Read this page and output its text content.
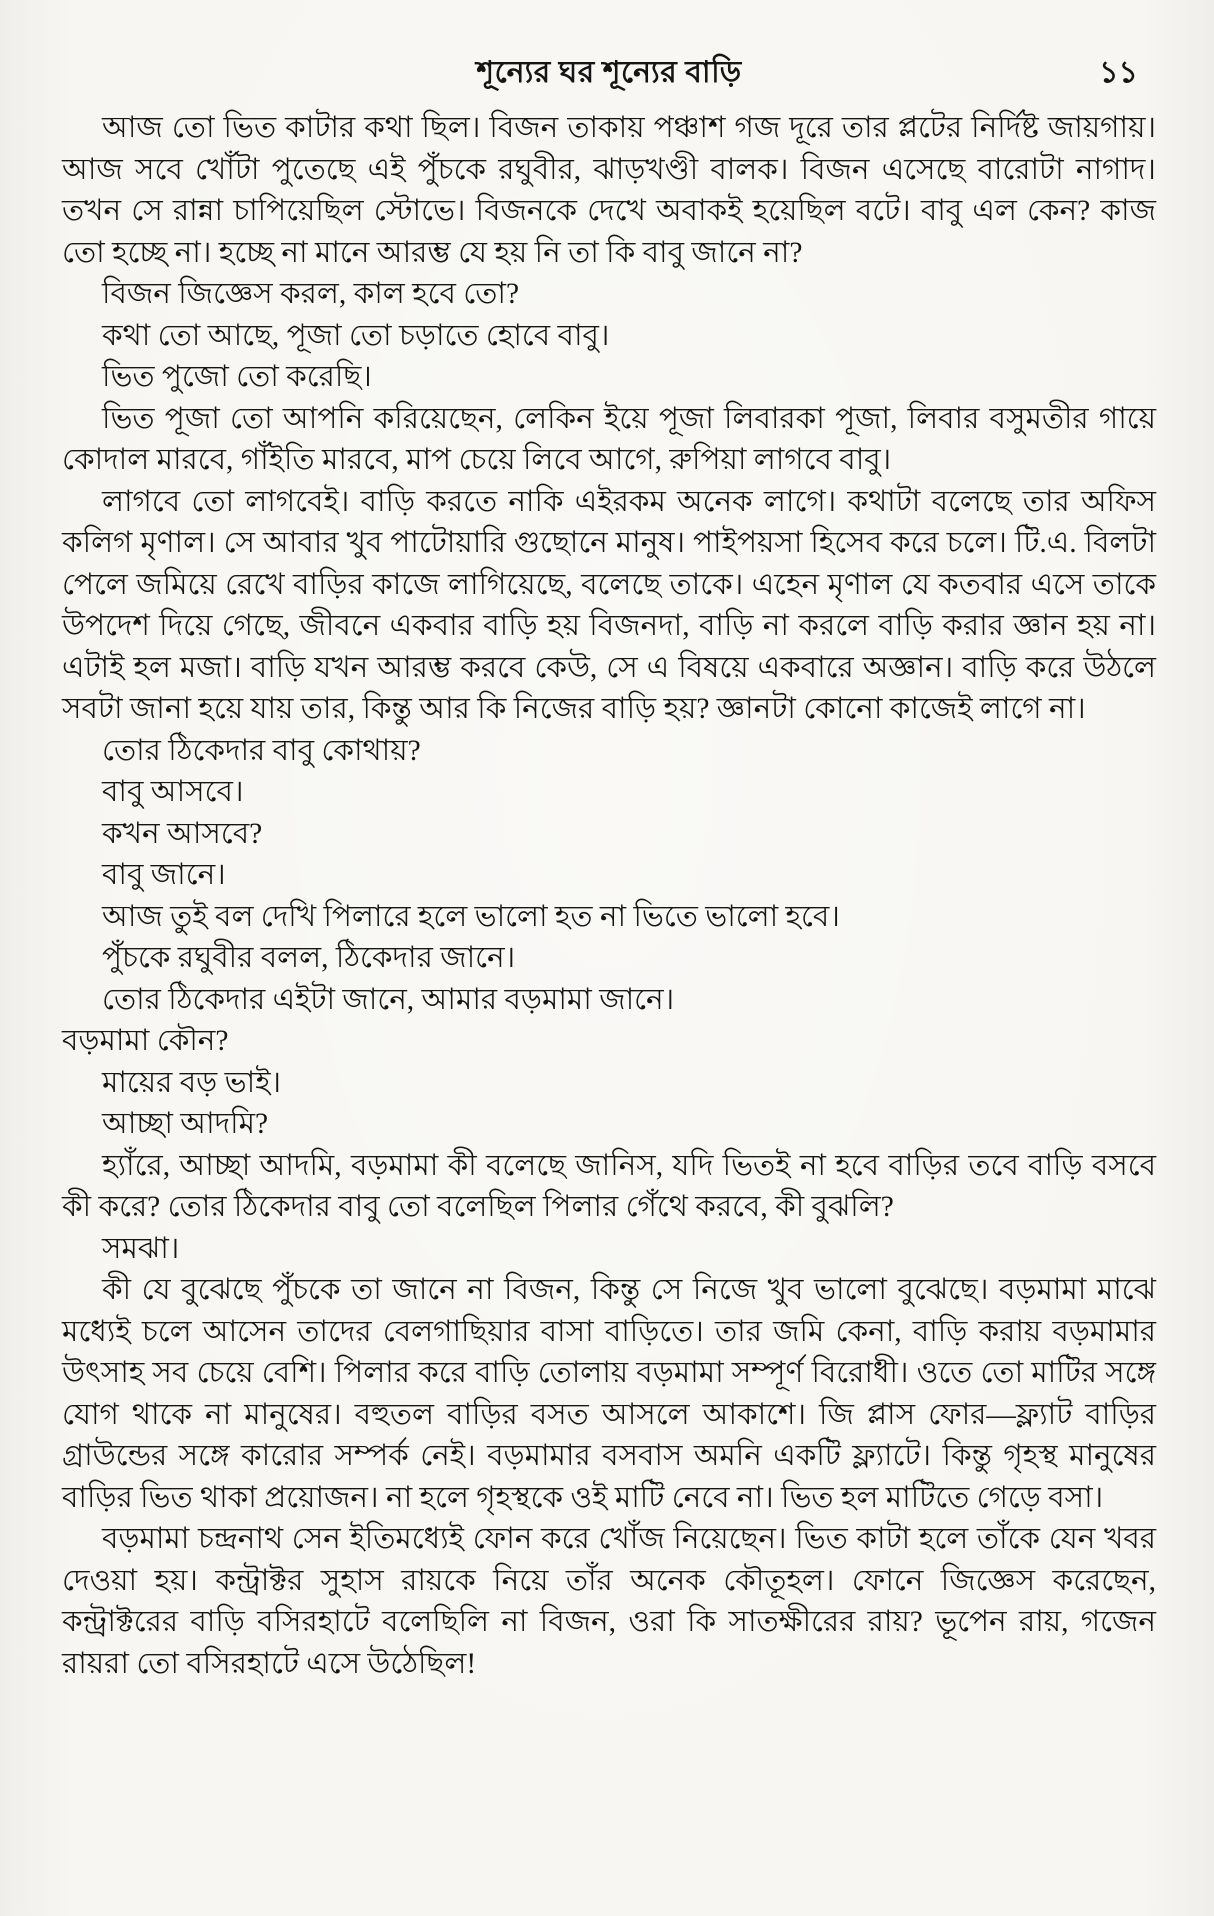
শূন্যের ঘর শূন্যের বাড়ি	১১

আজ তো ভিত কাটার কথা ছিল। বিজন তাকায় পঞ্চাশ গজ দূরে তার প্লটের নির্দিষ্ট জায়গায়। আজ সবে খোঁটা পুতেছে এই পুঁচকে রঘুবীর, ঝাড়খণ্ডী বালক। বিজন এসেছে বারোটা নাগাদ। তখন সে রান্না চাপিয়েছিল স্টোভে। বিজনকে দেখে অবাকই হয়েছিল বটে। বাবু এল কেন? কাজ তো হচ্ছে না। হচ্ছে না মানে আরম্ভ যে হয় নি তা কি বাবু জানে না?

বিজন জিজ্ঞেস করল, কাল হবে তো?

কথা তো আছে, পূজা তো চড়াতে হোবে বাবু।

ভিত পুজো তো করেছি।

ভিত পূজা তো আপনি করিয়েছেন, লেকিন ইয়ে পূজা লিবারকা পূজা, লিবার বসুমতীর গায়ে কোদাল মারবে, গাঁইতি মারবে, মাপ চেয়ে লিবে আগে, রুপিয়া লাগবে বাবু।

লাগবে তো লাগবেই। বাড়ি করতে নাকি এইরকম অনেক লাগে। কথাটা বলেছে তার অফিস কলিগ মৃণাল। সে আবার খুব পাটোয়ারি গুছোনে মানুষ। পাইপয়সা হিসেব করে চলে। টি.এ. বিলটা পেলে জমিয়ে রেখে বাড়ির কাজে লাগিয়েছে, বলেছে তাকে। এহেন মৃণাল যে কতবার এসে তাকে উপদেশ দিয়ে গেছে, জীবনে একবার বাড়ি হয় বিজনদা, বাড়ি না করলে বাড়ি করার জ্ঞান হয় না। এটাই হল মজা। বাড়ি যখন আরম্ভ করবে কেউ, সে এ বিষয়ে একবারে অজ্ঞান। বাড়ি করে উঠলে সবটা জানা হয়ে যায় তার, কিন্তু আর কি নিজের বাড়ি হয়? জ্ঞানটা কোনো কাজেই লাগে না।

তোর ঠিকেদার বাবু কোথায়?

বাবু আসবে।

কখন আসবে?

বাবু জানে।

আজ তুই বল দেখি পিলারে হলে ভালো হত না ভিতে ভালো হবে।

পুঁচকে রঘুবীর বলল, ঠিকেদার জানে।

তোর ঠিকেদার এইটা জানে, আমার বড়মামা জানে।

বড়মামা কৌন?

মায়ের বড় ভাই।

আচ্ছা আদমি?

হ্যাঁরে, আচ্ছা আদমি, বড়মামা কী বলেছে জানিস, যদি ভিতই না হবে বাড়ির তবে বাড়ি বসবে কী করে? তোর ঠিকেদার বাবু তো বলেছিল পিলার গেঁথে করবে, কী বুঝলি?

সমঝা।

কী যে বুঝেছে পুঁচকে তা জানে না বিজন, কিন্তু সে নিজে খুব ভালো বুঝেছে। বড়মামা মাঝে মধ্যেই চলে আসেন তাদের বেলগাছিয়ার বাসা বাড়িতে। তার জমি কেনা, বাড়ি করায় বড়মামার উৎসাহ সব চেয়ে বেশি। পিলার করে বাড়ি তোলায় বড়মামা সম্পূর্ণ বিরোধী। ওতে তো মাটির সঙ্গে যোগ থাকে না মানুষের। বহুতল বাড়ির বসত আসলে আকাশে। জি প্লাস ফোর—ফ্ল্যাট বাড়ির গ্রাউন্ডের সঙ্গে কারোর সম্পর্ক নেই। বড়মামার বসবাস অমনি একটি ফ্ল্যাটে। কিন্তু গৃহস্থ মানুষের বাড়ির ভিত থাকা প্রয়োজন। না হলে গৃহস্থকে ওই মাটি নেবে না। ভিত হল মাটিতে গেড়ে বসা।

বড়মামা চন্দ্রনাথ সেন ইতিমধ্যেই ফোন করে খোঁজ নিয়েছেন। ভিত কাটা হলে তাঁকে যেন খবর দেওয়া হয়। কন্ট্রাক্টর সুহাস রায়কে নিয়ে তাঁর অনেক কৌতূহল। ফোনে জিজ্ঞেস করেছেন, কন্ট্রাক্টরের বাড়ি বসিরহাটে বলেছিলি না বিজন, ওরা কি সাতক্ষীরের রায়? ভূপেন রায়, গজেন রায়রা তো বসিরহাটে এসে উঠেছিল!
